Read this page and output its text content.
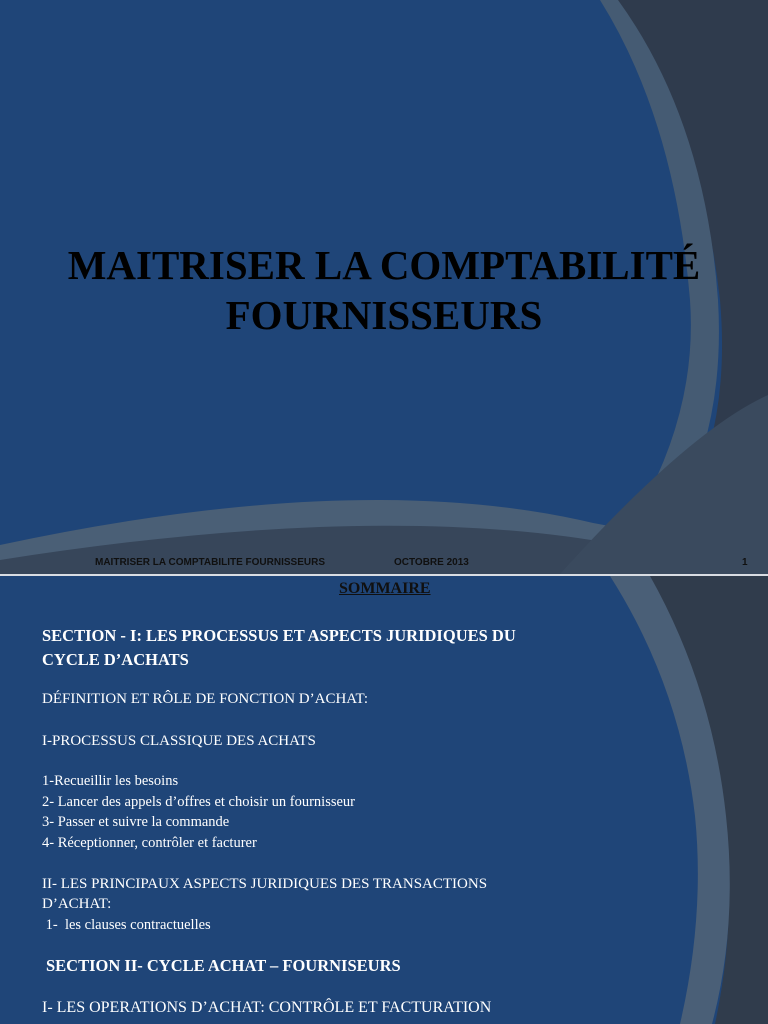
MAITRISER LA COMPTABILITÉ
FOURNISSEURS
MAITRISER LA COMPTABILITE FOURNISSEURS	OCTOBRE 2013	1
SOMMAIRE
SECTION - I: LES PROCESSUS ET ASPECTS JURIDIQUES DU
CYCLE D’ACHATS
DÉFINITION ET RÔLE DE FONCTION D’ACHAT:
I-PROCESSUS CLASSIQUE DES ACHATS
1-Recueillir les besoins
2- Lancer des appels d’offres et choisir un fournisseur
3- Passer et suivre la commande
4- Réceptionner, contrôler et facturer
II- LES PRINCIPAUX ASPECTS JURIDIQUES DES TRANSACTIONS
D’ACHAT:
1-  les clauses contractuelles
SECTION II- CYCLE ACHAT – FOURNISEURS
I- LES OPERATIONS D’ACHAT: CONTRÔLE ET FACTURATION
